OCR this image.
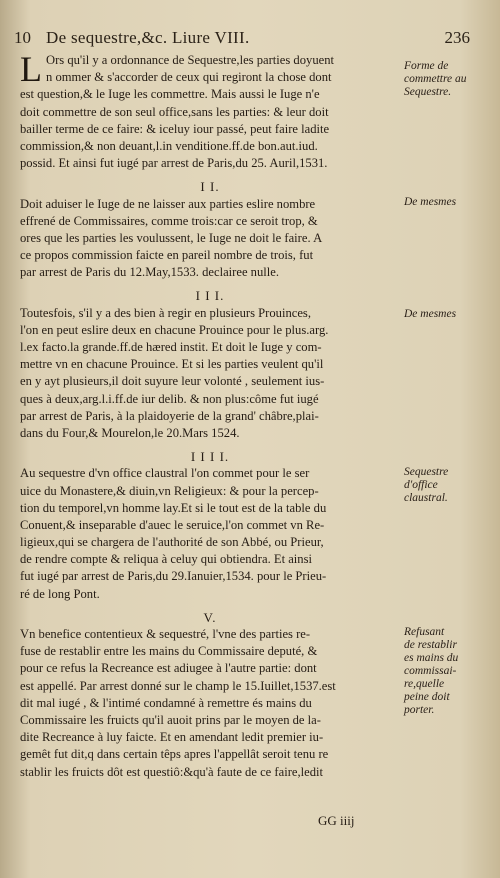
10 De sequestre,&c. Liure VIII.	236
L Ors qu'il y a ordonnance de Sequestre,les parties doyuent
n ommer & s'accorder de ceux qui regiront la chose dont
est question,& le Iuge les commettre. Mais aussi le Iuge n'e
doit commettre de son seul office,sans les parties: & leur doit
bailler terme de ce faire: & iceluy iour passé, peut faire ladite
commission,& non deuant,l.in venditione.ff.de bon.aut.iud.
possid. Et ainsi fut iugé par arrest de Paris,du 25. Auril,1531.
I I.
Doit aduiser le Iuge de ne laisser aux parties eslire nombre
effrené de Commissaires, comme trois:car ce seroit trop, &
ores que les parties les voulussent, le Iuge ne doit le faire. A
ce propos commission faicte en pareil nombre de trois, fut
par arrest de Paris du 12.May,1533. declairee nulle.
I I I.
Toutesfois, s'il y a des bien à regir en plusieurs Prouinces,
l'on en peut eslire deux en chacune Prouince pour le plus.arg.
l.ex facto.la grande.ff.de hæred instit. Et doit le Iuge y com-
mettre vn en chacune Prouince. Et si les parties veulent qu'il
en y ayt plusieurs,il doit suyure leur volonté , seulement ius-
ques à deux,arg.l.i.ff.de iur delib. & non plus:côme fut iugé
par arrest de Paris, à la plaidoyerie de la grand' châbre,plai-
dans du Four,& Mourelon,le 20.Mars 1524.
I I I I.
Au sequestre d'vn office claustral l'on commet pour le ser
uice du Monastere,& diuin,vn Religieux: & pour la percep-
tion du temporel,vn homme lay.Et si le tout est de la table du
Conuent,& inseparable d'auec le seruice,l'on commet vn Re-
ligieux,qui se chargera de l'authorité de son Abbé, ou Prieur,
de rendre compte & reliqua à celuy qui obtiendra. Et ainsi
fut iugé par arrest de Paris,du 29.Ianuier,1534. pour le Prieu-
ré de long Pont.
V.
Vn benefice contentieux & sequestré, l'vne des parties re-
fuse de restablir entre les mains du Commissaire deputé, &
pour ce refus la Recreance est adiugee à l'autre partie: dont
est appellé. Par arrest donné sur le champ le 15.Iuillet,1537.est
dit mal iugé , & l'intimé condamné à remettre és mains du
Commissaire les fruicts qu'il auoit prins par le moyen de la-
dite Recreance à luy faicte. Et en amendant ledit premier iu-
gemêt fut dit,q dans certain têps apres l'appellât seroit tenu re
stablir les fruicts dôt est questiô:&qu'à faute de ce faire,ledit
Forme de
commettre au
Sequestre.
De mesmes
De mesmes
Sequestre
d'office
claustral.
Refusant
de restablir
es mains du
commissai-
re,quelle
peine doit
porter.
GG iiij
